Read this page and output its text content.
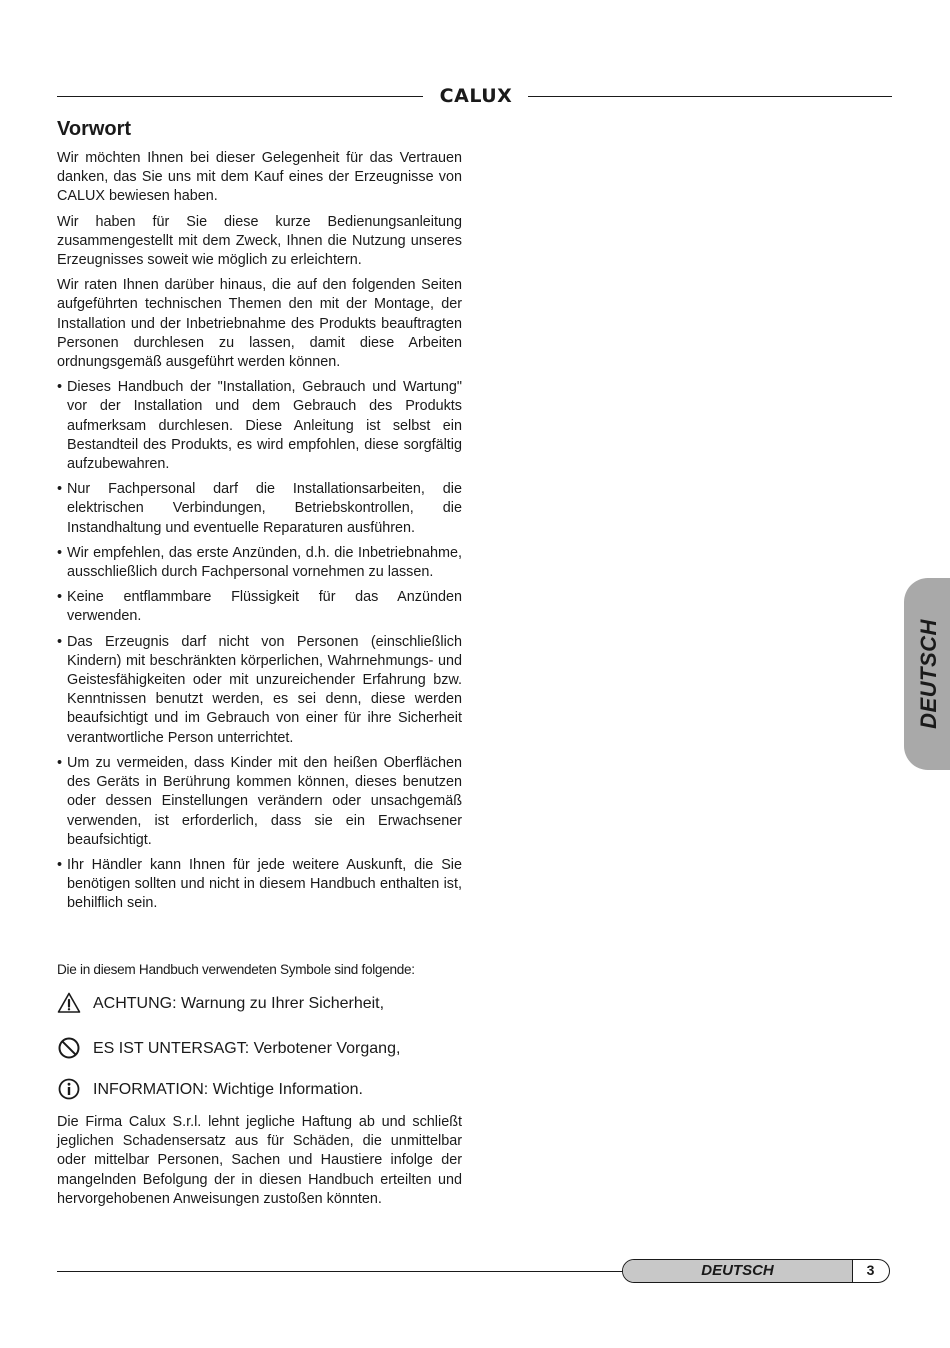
CALUX
Vorwort

Wir möchten Ihnen bei dieser Gelegenheit für das Vertrauen danken, das Sie uns mit dem Kauf eines der Erzeugnisse von CALUX bewiesen haben.

Wir haben für Sie diese kurze Bedienungsanleitung zusammengestellt mit dem Zweck, Ihnen die Nutzung unseres Erzeugnisses soweit wie möglich zu erleichtern.

Wir raten Ihnen darüber hinaus, die auf den folgenden Seiten aufgeführten technischen Themen den mit der Montage, der Installation und der Inbetriebnahme des Produkts beauftragten Personen durchlesen zu lassen, damit diese Arbeiten ordnungsgemäß ausgeführt werden können.

• Dieses Handbuch der "Installation, Gebrauch und Wartung" vor der Installation und dem Gebrauch des Produkts aufmerksam durchlesen. Diese Anleitung ist selbst ein Bestandteil des Produkts, es wird empfohlen, diese sorgfältig aufzubewahren.
• Nur Fachpersonal darf die Installationsarbeiten, die elektrischen Verbindungen, Betriebskontrollen, die Instandhaltung und eventuelle Reparaturen ausführen.
• Wir empfehlen, das erste Anzünden, d.h. die Inbetriebnahme, ausschließlich durch Fachpersonal vornehmen zu lassen.
• Keine entflammbare Flüssigkeit für das Anzünden verwenden.
• Das Erzeugnis darf nicht von Personen (einschließlich Kindern) mit beschränkten körperlichen, Wahrnehmungs- und Geistesfähigkeiten oder mit unzureichender Erfahrung bzw. Kenntnissen benutzt werden, es sei denn, diese werden beaufsichtigt und im Gebrauch von einer für ihre Sicherheit verantwortliche Person unterrichtet.
• Um zu vermeiden, dass Kinder mit den heißen Oberflächen des Geräts in Berührung kommen können, dieses benutzen oder dessen Einstellungen verändern oder unsachgemäß verwenden, ist erforderlich, dass sie ein Erwachsener beaufsichtigt.
• Ihr Händler kann Ihnen für jede weitere Auskunft, die Sie benötigen sollten und nicht in diesem Handbuch enthalten ist, behilflich sein.

Die in diesem Handbuch verwendeten Symbole sind folgende:

ACHTUNG: Warnung zu Ihrer Sicherheit,
ES IST UNTERSAGT: Verbotener Vorgang,
INFORMATION: Wichtige Information.

Die Firma Calux S.r.l. lehnt jegliche Haftung ab und schließt jeglichen Schadensersatz aus für Schäden, die unmittelbar oder mittelbar Personen, Sachen und Haustiere infolge der mangelnden Befolgung der in diesen Handbuch erteilten und hervorgehobenen Anweisungen zustoßen könnten.

DEUTSCH
DEUTSCH	3
